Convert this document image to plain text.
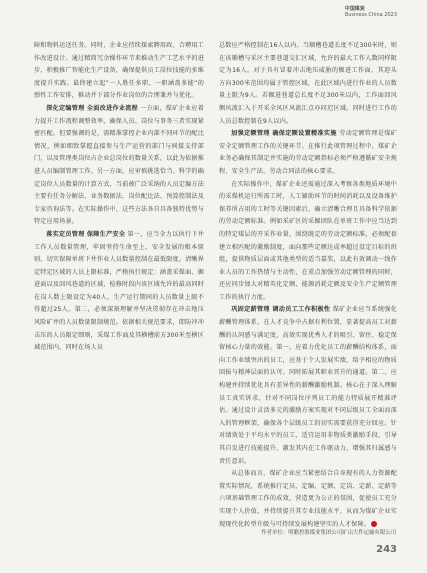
中国煤炭
Business China 2023

障和物料运送任务。同时，企业应持续探索聘用政、合聘用工作改进设计。通过精简冗余操作环节来推动生产工艺水平的进步，积极推广智能化生产设备，确保提供员工岗位技能的多维度提升实践。最终建立起“一人胜任多职、一职涵盖多能”的弹性工作安排，推动并下部分作业岗位的合理兼并与优化。

深化定编管理 全面改进作业流程 一方面，煤矿企业应着力提升工作流程调整效率，确保人员、岗位与事务三者实现紧密匹配。但要强调的是，需精准掌控企业内部不同环节的配比情况，例如细致掌握直接参与生产运营的部门与间接支持部门，以及管理类岗位占企业总岗位的数量关系，以此为依据推进人员编制管理工作。另一方面，应审慎挑选恰当、科学的确定岗位人员数量的计算方式，当前被广泛采纳的人员定编方法主要有任务分解法、业务数据法、岗位配比法、预算控制法及专家咨询法等。在实际操作中，这些方法各自具备独特优势与特定应用场景。

落实定员管理 保障生产安全 第一，应当全力以执行下井工作人员数量管理，牢固坚持生命至上、安全发展的根本原则。切实保障单班下井作业人员数量控制在最低限度。清晰界定特定区域的人员上限标准，严格执行规定：涵盖采煤面、掘进面以及回风巷道的区域，检修时段内该区域允许的最高同时在岗人数上限设定为40人，生产运行期间的人员数量上限不得超过25人。第二，必须深刻理解并坚决贯彻存在冲击地压风险矿井的人员数量限制规范。依据相关规范要求，即防冲冲击压的人员限定细则，采煤工作面及其横槽前方300米至横区域范围内，同时在场人员

总数应严格控制在16人以内。当顺槽巷道长度不足300米时，则在该顺槽与采区主要巷道交汇区域，允许的最大工作人数同样限定为16人。对于具有冒着冲击地压威胁的掘进工作面，其迎头方向300米范围均属于管控区域，在此区域内进行作业的人员数量上限为9人。若掘进巷道总长度不足300米以内，工作面回风侧风流汇入于开采全风区风流汇点亦同迟区域，同时进行工作的人员总数控制在9人以内。

加强定额管理 确保定额设置精准实施 劳动定额管理是煤矿安全定额管理工作的关键环节。在推行此项管理过程中，煤矿企业务必确保其制定并实施的劳动定额指标必须严格遵循矿安全规程、安全生产法、劳动合同法的核心要求。

在实际操作中，煤矿企业还需通过深入考察各类地质环境中的采煤机运行所需工时，人工辅助环节的时间消耗以及设备维护保养所占用的工时等关键因素后，确立清晰合理且具备科学依据的劳动定额标准。例如采矿区的采掘团队在单班工作中应当达到的特定煤层的开采作业量，围绕既定的劳动定额标准，必须配套建立相匹配的激励制度，面向那些定额达成率超过设定目标的班组，提供物质层面或其他类型的适当嘉奖，以此有效调动一线作业人员的工作热情与主动性，在重点加强劳动定额管理的同时，还应同步加大对精英化定额、能源消耗定额及安全生产定额管理工作的执行力度。

巩固定薪管理 调动员工工作积极性 煤矿企业应当系统强化薪酬管理体系，在人才竞争中占据有利位置，显著提高员工对薪酬的认同感与满足度，高效实现优秀人才的吸引、留住、稳定保留核心力量的效能。第一，应着力优化员工的薪酬结构体系，面向工作业绩突出的员工，应基于个人发展实绩，给予相应的物质回报与精神层面的认可。同时拓展其职业晋升的通道。第二，应构建并持续优化具有差异性的薪酬激励机制。核心在于深入理解员工真实诉求，针对不同岗位序列员工的能力特质展开精准评估。通过设计灵活多元的激励方案实现对不同层级员工全面而深入的管理框架，确保各个层级员工的切实需要获得充分回应。针对绩效处于平均水平的员工，适宜运用非物质类激励手段，引导其自发进行技能提升，激发其内在工作驱动力，增强其归属感与责任意识。

从总体而言，煤矿企业应当紧密结合自身现有的人力资源配置实际情况，系统推行定员、定编、定额、定岗、定薪、定薪等六项基础管理工作的成效，营造更为公正的氛围，促使员工充分实现个人价值，并持续提升其专业技能水平，从而为煤矿企业实现现代化转型升级与可持续发展构建坚实的人才保障。

作者单位：明瞻控股煤业集团公司矿山大件运输有限公司
243
